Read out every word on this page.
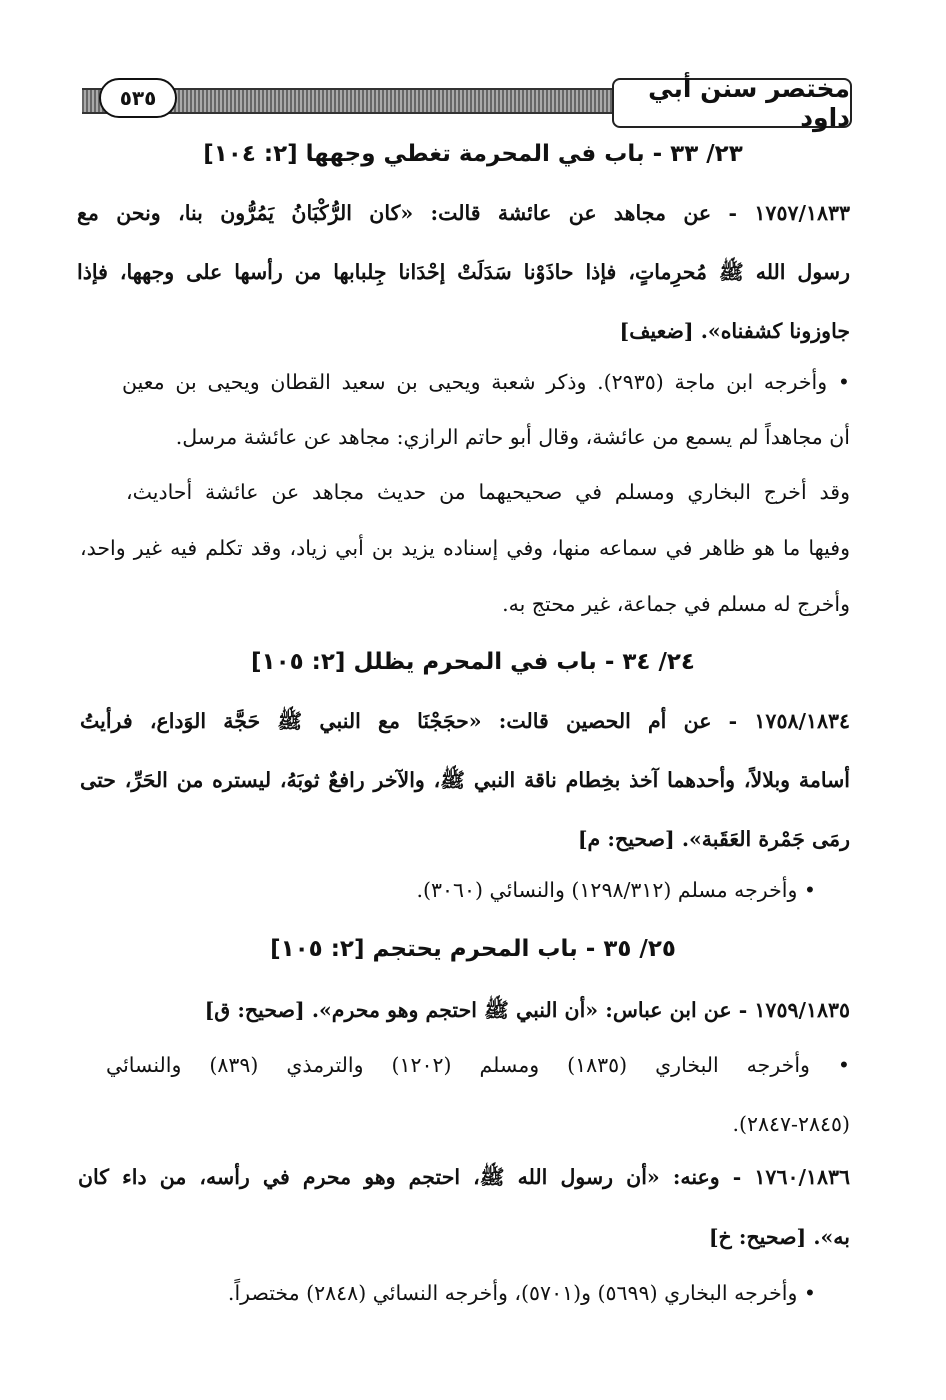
مختصر سنن أبي داود
٥٣٥
٢٣/ ٣٣ - باب في المحرمة تغطي وجهها [٢: ١٠٤]
١٧٥٧/١٨٣٣ - عن مجاهد عن عائشة قالت: «كان الرُّكْبَانُ يَمُرُّون بنا، ونحن مع
رسول الله ﷺ مُحرِماتٍ، فإذا حاذَوْنا سَدَلَتْ إحْدَانا جِلبابها من رأسها على وجهها، فإذا
جاوزونا كشفناه». [ضعيف]
• وأخرجه ابن ماجة (٢٩٣٥). وذكر شعبة ويحيى بن سعيد القطان ويحيى بن معين
أن مجاهداً لم يسمع من عائشة، وقال أبو حاتم الرازي: مجاهد عن عائشة مرسل.
وقد أخرج البخاري ومسلم في صحيحيهما من حديث مجاهد عن عائشة أحاديث،
وفيها ما هو ظاهر في سماعه منها، وفي إسناده يزيد بن أبي زياد، وقد تكلم فيه غير واحد،
وأخرج له مسلم في جماعة، غير محتج به.
٢٤/ ٣٤ - باب في المحرم يظلل [٢: ١٠٥]
١٧٥٨/١٨٣٤ - عن أم الحصين قالت: «حجَجْنَا مع النبي ﷺ حَجَّة الوَداع، فرأيتُ
أسامة وبلالاً، وأحدهما آخذ بخِطام ناقة النبي ﷺ، والآخر رافعٌ ثوبَهُ، ليستره من الحَرِّ، حتى
رمَى جَمْرة العَقَبة». [صحيح: م]
• وأخرجه مسلم (١٢٩٨/٣١٢) والنسائي (٣٠٦٠).
٢٥/ ٣٥ - باب المحرم يحتجم [٢: ١٠٥]
١٧٥٩/١٨٣٥ - عن ابن عباس: «أن النبي ﷺ احتجم وهو محرم». [صحيح: ق]
• وأخرجه البخاري (١٨٣٥) ومسلم (١٢٠٢) والترمذي (٨٣٩) والنسائي
(٢٨٤٥-٢٨٤٧).
١٧٦٠/١٨٣٦ - وعنه: «أن رسول الله ﷺ، احتجم وهو محرم في رأسه، من داء كان
به». [صحيح: خ]
• وأخرجه البخاري (٥٦٩٩) و(٥٧٠١)، وأخرجه النسائي (٢٨٤٨) مختصراً.
